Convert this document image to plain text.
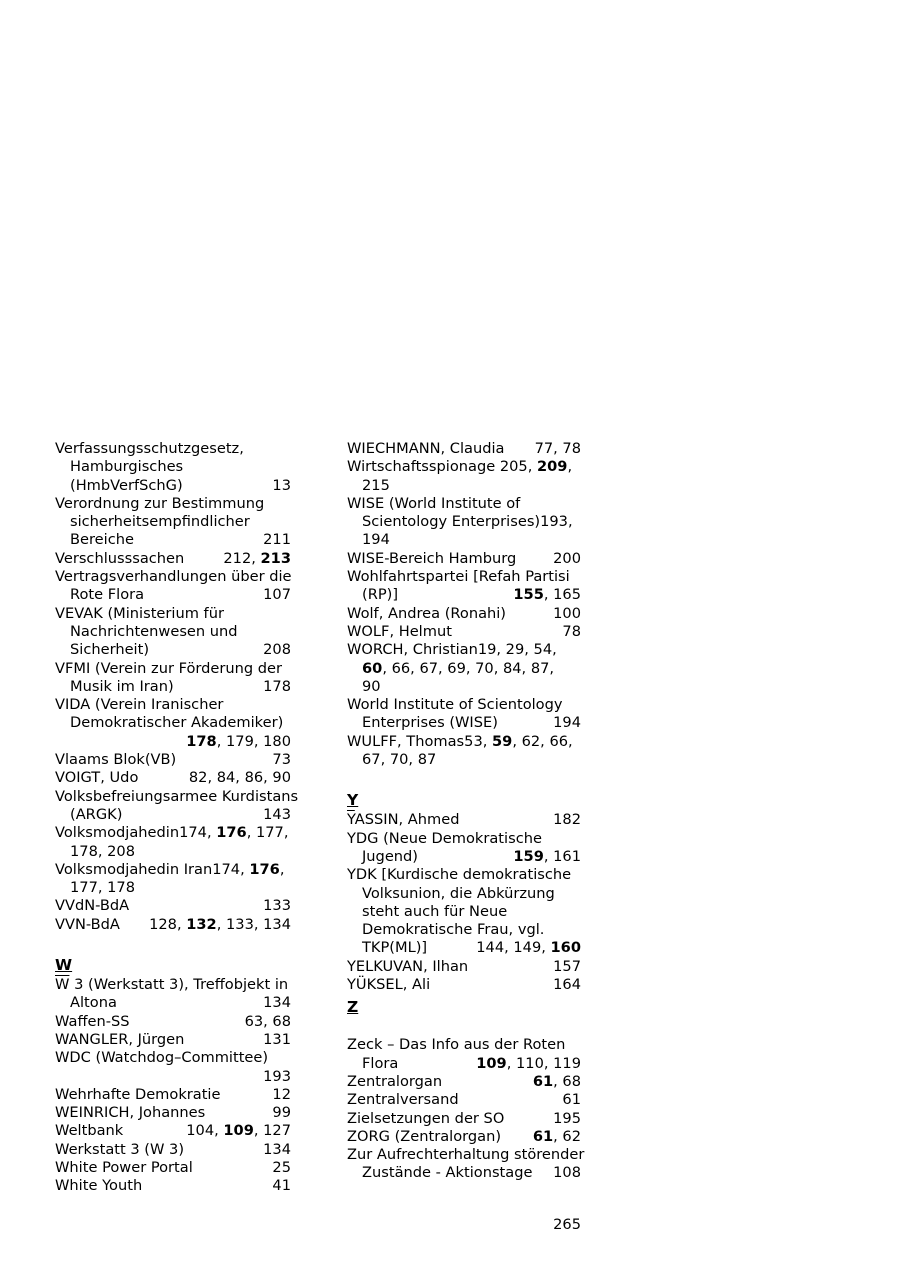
Verfassungsschutzgesetz,
Hamburgisches
(HmbVerfSchG)	13
Verordnung zur Bestimmung
sicherheitsempfindlicher
Bereiche	211
Verschlusssachen	212, 213
Vertragsverhandlungen über die
Rote Flora	107
VEVAK (Ministerium für
Nachrichtenwesen und
Sicherheit)	208
VFMI (Verein zur Förderung der
Musik im Iran)	178
VIDA (Verein Iranischer
Demokratischer Akademiker)
178, 179, 180
Vlaams Blok(VB)	73
VOIGT, Udo	82, 84, 86, 90
Volksbefreiungsarmee Kurdistans
(ARGK)	143
Volksmodjahedin174, 176, 177,
178, 208
Volksmodjahedin Iran174, 176,
177, 178
VVdN-BdA	133
VVN-BdA 128, 132, 133, 134
W
$\overline{W}$ 3 (Werkstatt 3), Treffobjekt in
Altona	134
Waffen-SS	63, 68
WANGLER, Jürgen	131
WDC (Watchdog–Committee)
193
Wehrhafte Demokratie	12
WEINRICH, Johannes	99
Weltbank	104, 109, 127
Werkstatt 3 (W 3)	134
White Power Portal	25
White Youth	41
WIECHMANN, Claudia 77, 78
Wirtschaftsspionage 205, 209,
215
WISE (World Institute of
Scientology Enterprises)193,
194
WISE-Bereich Hamburg	200
Wohlfahrtspartei [Refah Partisi
(RP)]	155, 165
Wolf, Andrea (Ronahi)	100
WOLF, Helmut	78
WORCH, Christian19, 29, 54,
60, 66, 67, 69, 70, 84, 87,
90
World Institute of Scientology
Enterprises (WISE)	194
WULFF, Thomas53, 59, 62, 66,
67, 70, 87
Y
$\overline{Y}ASSIN$, Ahmed	182
YDG (Neue Demokratische
Jugend)	159, 161
YDK [Kurdische demokratische
Volksunion, die Abkürzung
steht auch für Neue
Demokratische Frau, vgl.
TKP(ML)]	144, 149, 160
YELKUVAN, Ilhan	157
YÜKSEL, Ali	164
Z
Zeck – Das Info aus der Roten
Flora	109, 110, 119
Zentralorgan	61, 68
Zentralversand	61
Zielsetzungen der SO	195
ZORG (Zentralorgan) 61, 62
Zur Aufrechterhaltung störender
Zustände - Aktionstage 108
265
